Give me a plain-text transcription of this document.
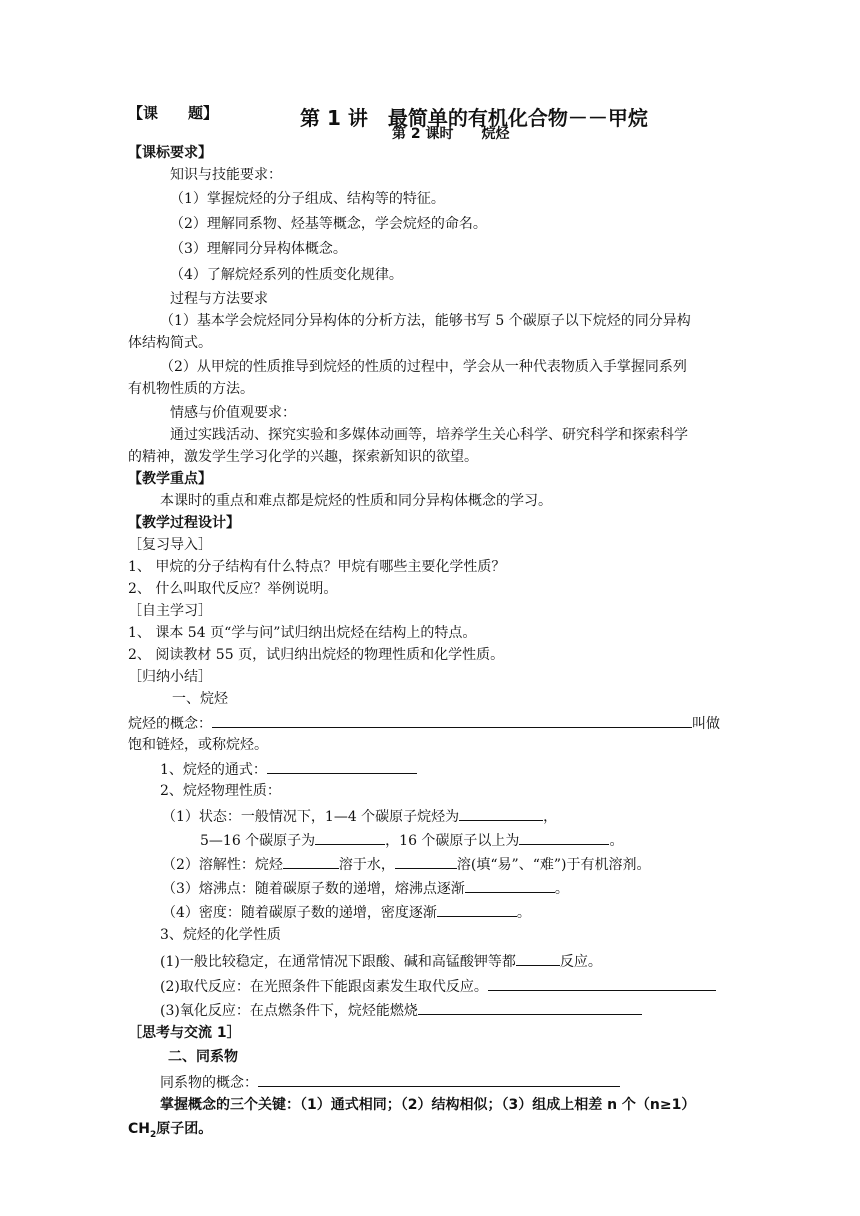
【课　　题】	第 1 讲　最简单的有机化合物－－甲烷
第 2 课时　　烷烃
【课标要求】
知识与技能要求：
（1）掌握烷烃的分子组成、结构等的特征。
（2）理解同系物、烃基等概念，学会烷烃的命名。
（3）理解同分异构体概念。
（4）了解烷烃系列的性质变化规律。
过程与方法要求
（1）基本学会烷烃同分异构体的分析方法，能够书写 5 个碳原子以下烷烃的同分异构
体结构简式。
（2）从甲烷的性质推导到烷烃的性质的过程中，学会从一种代表物质入手掌握同系列
有机物性质的方法。
情感与价值观要求：
通过实践活动、探究实验和多媒体动画等，培养学生关心科学、研究科学和探索科学
的精神，激发学生学习化学的兴趣，探索新知识的欲望。
【教学重点】
本课时的重点和难点都是烷烃的性质和同分异构体概念的学习。
【教学过程设计】
［复习导入］
1、 甲烷的分子结构有什么特点？甲烷有哪些主要化学性质？
2、 什么叫取代反应？举例说明。
［自主学习］
1、 课本 54 页“学与问”试归纳出烷烃在结构上的特点。
2、 阅读教材 55 页，试归纳出烷烃的物理性质和化学性质。
［归纳小结］
一、烷烃
烷烃的概念：	叫做
饱和链烃，或称烷烃。
1、烷烃的通式：
2、烷烃物理性质：
（1）状态：一般情况下，1—4 个碳原子烷烃为	，
5—16 个碳原子为	，16 个碳原子以上为	。
（2）溶解性：烷烃	溶于水，	溶(填“易”、“难”)于有机溶剂。
（3）熔沸点：随着碳原子数的递增，熔沸点逐渐	。
（4）密度：随着碳原子数的递增，密度逐渐	。
3、烷烃的化学性质
(1)一般比较稳定，在通常情况下跟酸、碱和高锰酸钾等都	反应。
(2)取代反应：在光照条件下能跟卤素发生取代反应。
(3)氧化反应：在点燃条件下，烷烃能燃烧
［思考与交流 1］
二、同系物
同系物的概念：
掌握概念的三个关键：（1）通式相同；（2）结构相似；（3）组成上相差 n 个（n≥1）
$CH_2$原子团。
